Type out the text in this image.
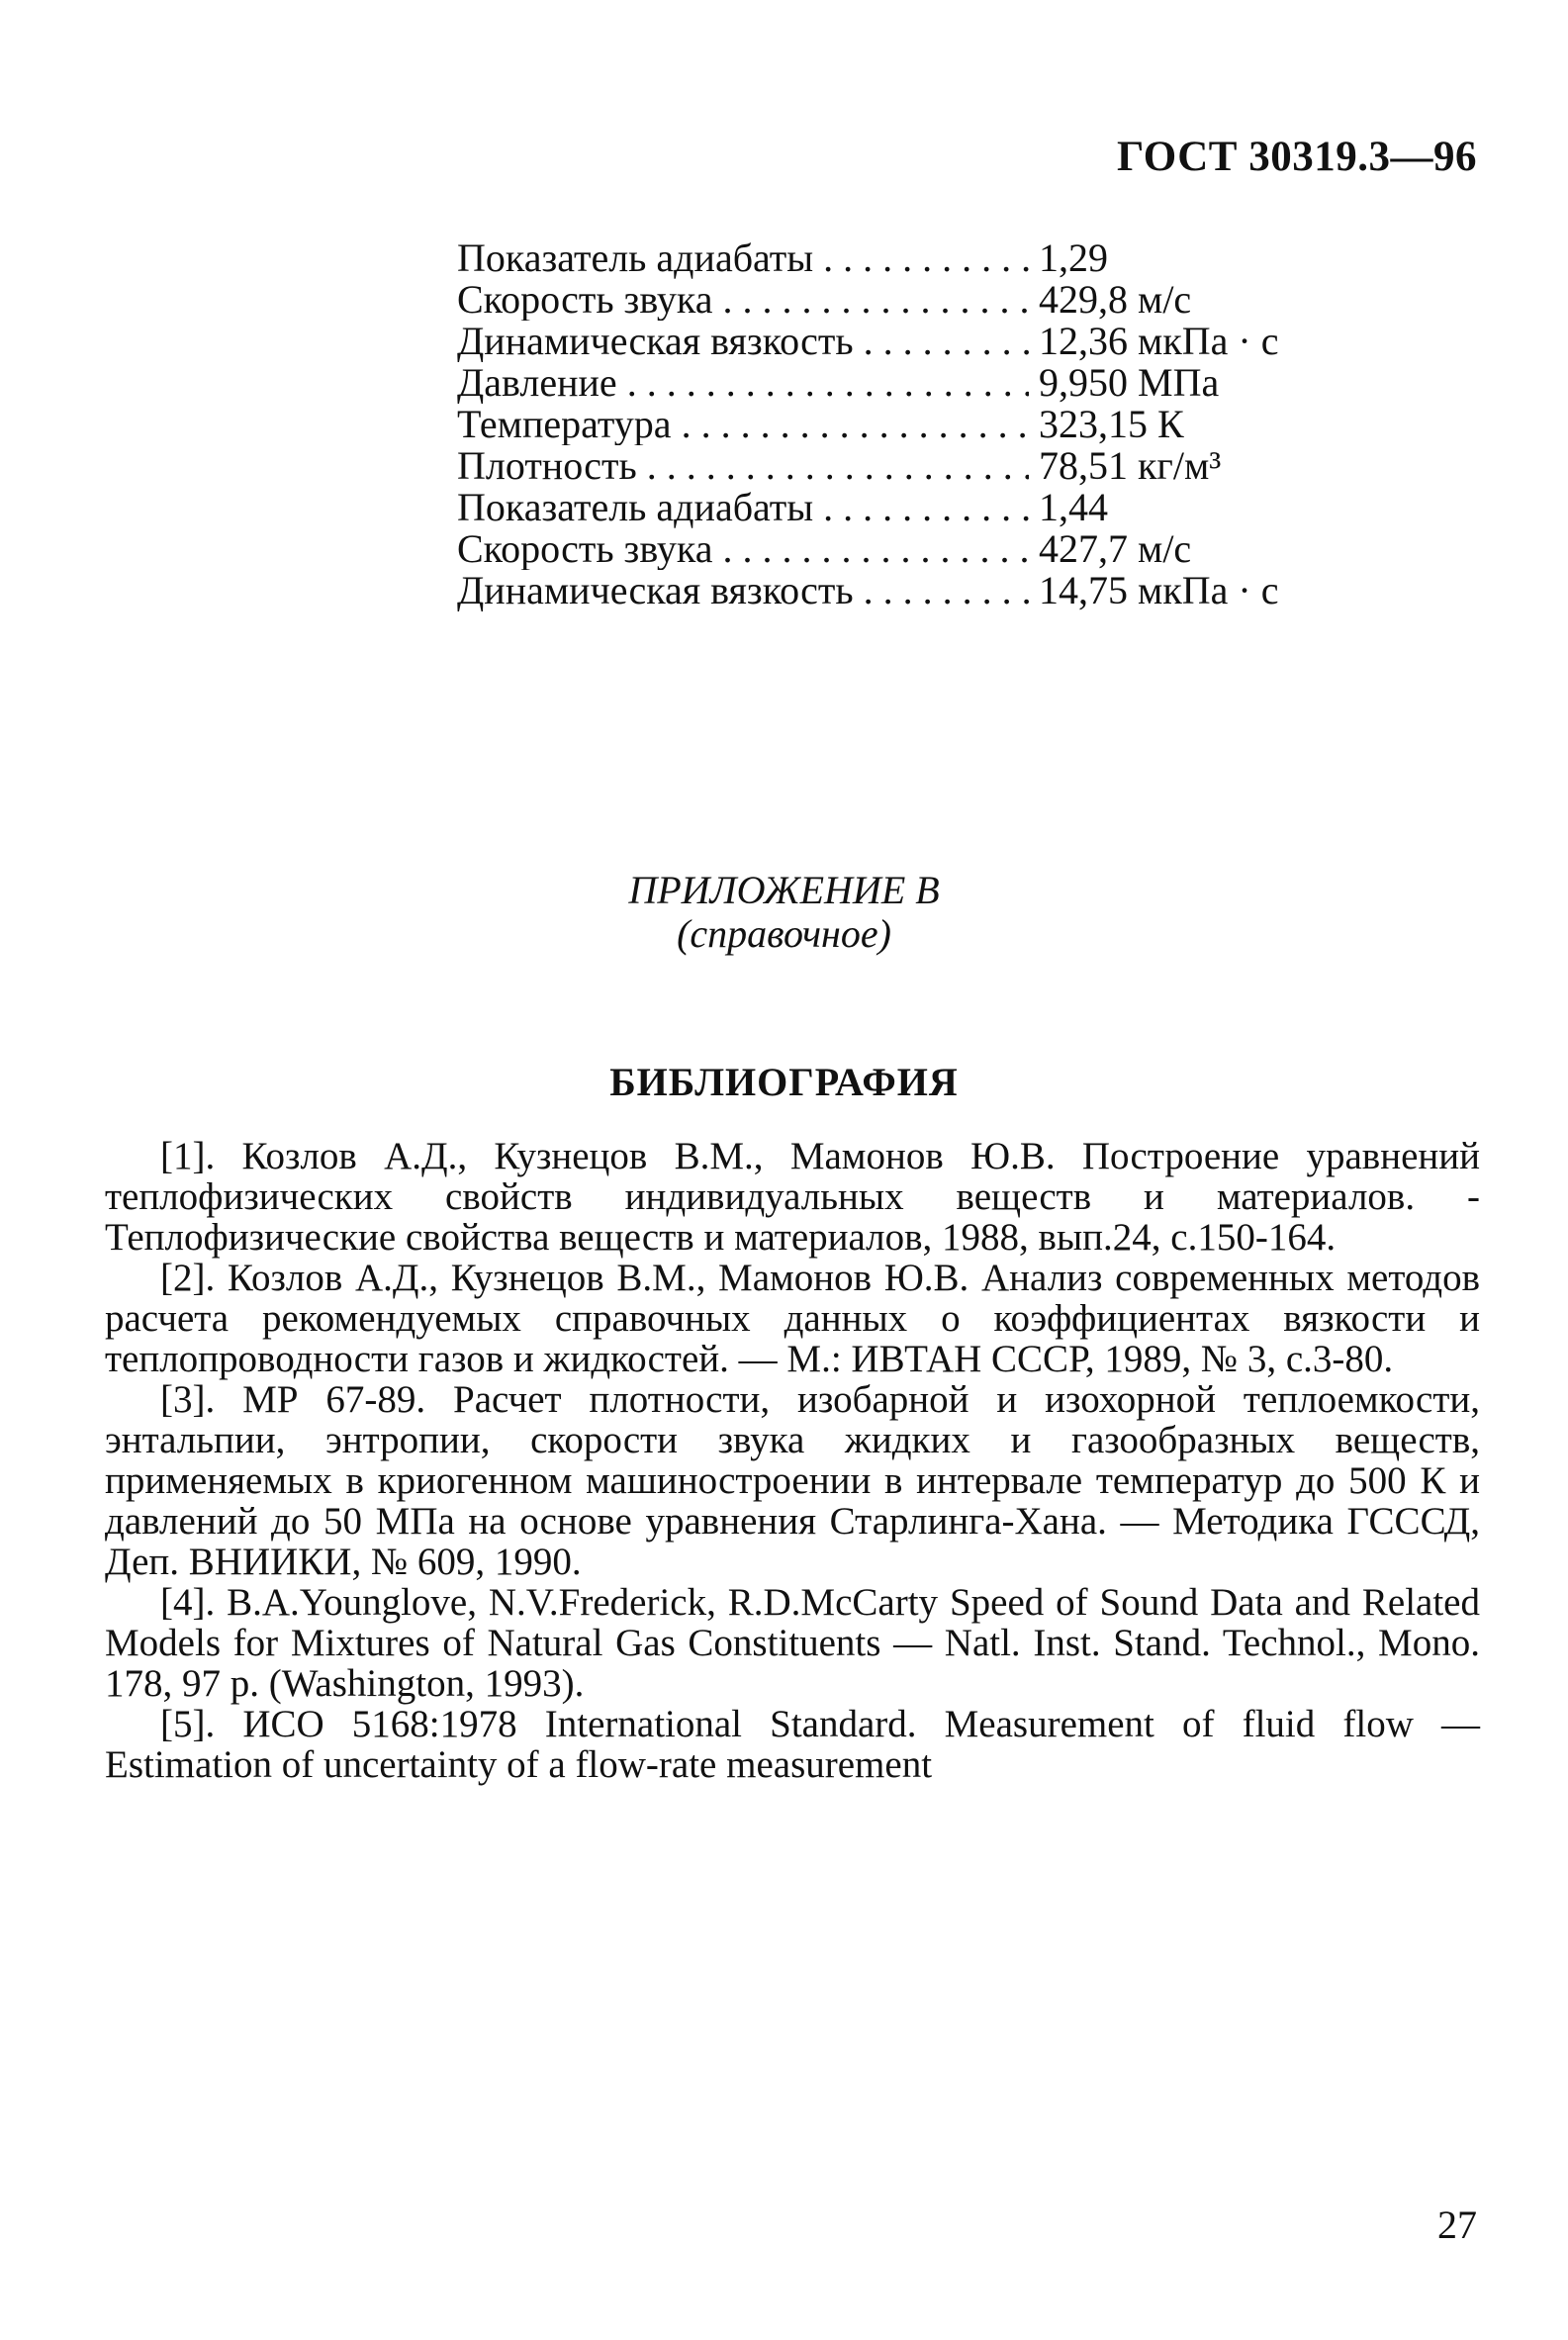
ГОСТ 30319.3—96
Показатель адиабаты . . .	1,29
Скорость звука . . .	429,8 м/с
Динамическая вязкость . . .	12,36 мкПа · с
Давление . . .	9,950 МПа
Температура . . .	323,15 К
Плотность . . .	78,51 кг/м³
Показатель адиабаты . . .	1,44
Скорость звука . . .	427,7 м/с
Динамическая вязкость . . .	14,75 мкПа · с
ПРИЛОЖЕНИЕ В
(справочное)
БИБЛИОГРАФИЯ

[1]. Козлов А.Д., Кузнецов В.М., Мамонов Ю.В. Построение уравнений теплофизических свойств индивидуальных веществ и материалов. - Теплофизические свойства веществ и материалов, 1988, вып.24, с.150-164.

[2]. Козлов А.Д., Кузнецов В.М., Мамонов Ю.В. Анализ современных методов расчета рекомендуемых справочных данных о коэффициентах вязкости и теплопроводности газов и жидкостей. — М.: ИВТАН СССР, 1989, № 3, с.3-80.

[3]. МР 67-89. Расчет плотности, изобарной и изохорной теплоемкости, энтальпии, энтропии, скорости звука жидких и газообразных веществ, применяемых в криогенном машиностроении в интервале температур до 500 К и давлений до 50 МПа на основе уравнения Старлинга-Хана. — Методика ГСССД, Деп. ВНИИКИ, № 609, 1990.

[4]. B.A.Younglove, N.V.Frederick, R.D.McCarty Speed of Sound Data and Related Models for Mixtures of Natural Gas Constituents — Natl. Inst. Stand. Technol., Mono. 178, 97 p. (Washington, 1993).

[5]. ИСО 5168:1978 International Standard. Measurement of fluid flow — Estimation of uncertainty of a flow-rate measurement

27
